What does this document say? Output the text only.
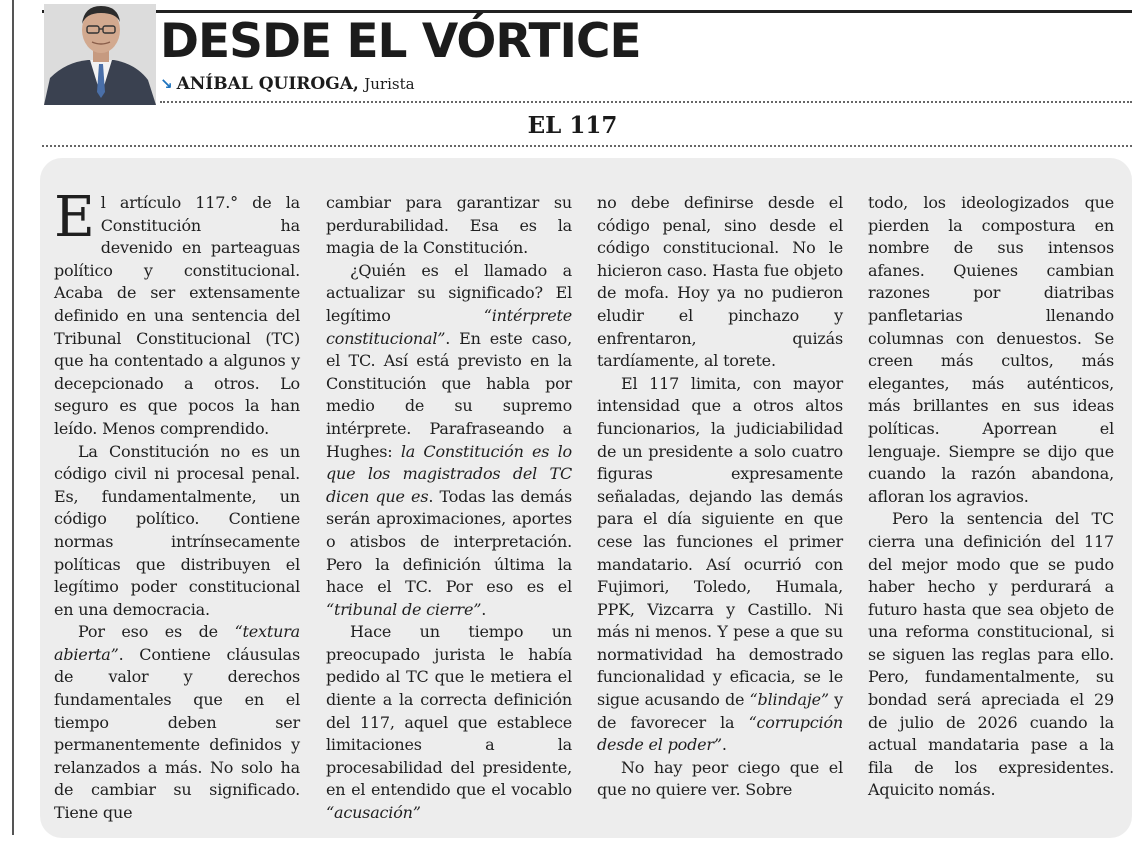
DESDE EL VÓRTICE
↘ ANÍBAL QUIROGA, Jurista
EL 117

El artículo 117.° de la Constitución ha devenido en parteaguas político y constitucional. Acaba de ser extensamente definido en una sentencia del Tribunal Constitucional (TC) que ha contentado a algunos y decepcionado a otros. Lo seguro es que pocos la han leído. Menos comprendido.

La Constitución no es un código civil ni procesal penal. Es, fundamentalmente, un código político. Contiene normas intrínsecamente políticas que distribuyen el legítimo poder constitucional en una democracia.

Por eso es de “textura abierta”. Contiene cláusulas de valor y derechos fundamentales que en el tiempo deben ser permanentemente definidos y relanzados a más. No solo ha de cambiar su significado. Tiene que

cambiar para garantizar su perdurabilidad. Esa es la magia de la Constitución.

¿Quién es el llamado a actualizar su significado? El legítimo “intérprete constitucional”. En este caso, el TC. Así está previsto en la Constitución que habla por medio de su supremo intérprete. Parafraseando a Hughes: la Constitución es lo que los magistrados del TC dicen que es. Todas las demás serán aproximaciones, aportes o atisbos de interpretación. Pero la definición última la hace el TC. Por eso es el “tribunal de cierre”.

Hace un tiempo un preocupado jurista le había pedido al TC que le metiera el diente a la correcta definición del 117, aquel que establece limitaciones a la procesabilidad del presidente, en el entendido que el vocablo “acusación”

no debe definirse desde el código penal, sino desde el código constitucional. No le hicieron caso. Hasta fue objeto de mofa. Hoy ya no pudieron eludir el pinchazo y enfrentaron, quizás tardíamente, al torete.

El 117 limita, con mayor intensidad que a otros altos funcionarios, la judiciabilidad de un presidente a solo cuatro figuras expresamente señaladas, dejando las demás para el día siguiente en que cese las funciones el primer mandatario. Así ocurrió con Fujimori, Toledo, Humala, PPK, Vizcarra y Castillo. Ni más ni menos. Y pese a que su normatividad ha demostrado funcionalidad y eficacia, se le sigue acusando de “blindaje” y de favorecer la “corrupción desde el poder”.

No hay peor ciego que el que no quiere ver. Sobre

todo, los ideologizados que pierden la compostura en nombre de sus intensos afanes. Quienes cambian razones por diatribas panfletarias llenando columnas con denuestos. Se creen más cultos, más elegantes, más auténticos, más brillantes en sus ideas políticas. Aporrean el lenguaje. Siempre se dijo que cuando la razón abandona, afloran los agravios.

Pero la sentencia del TC cierra una definición del 117 del mejor modo que se pudo haber hecho y perdurará a futuro hasta que sea objeto de una reforma constitucional, si se siguen las reglas para ello. Pero, fundamentalmente, su bondad será apreciada el 29 de julio de 2026 cuando la actual mandataria pase a la fila de los expresidentes. Aquicito nomás.
